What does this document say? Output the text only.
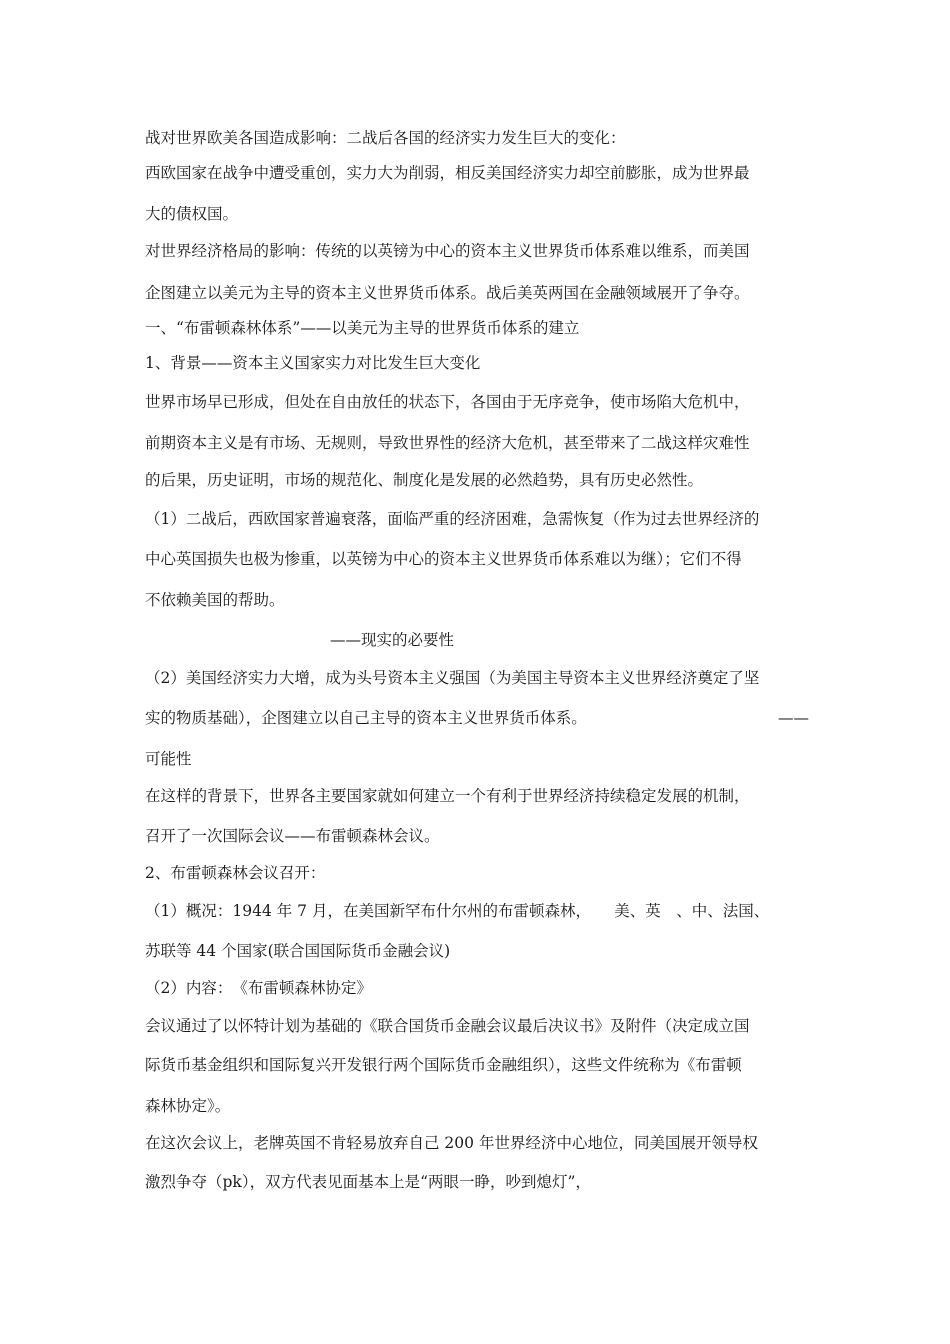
战对世界欧美各国造成影响：二战后各国的经济实力发生巨大的变化：
西欧国家在战争中遭受重创，实力大为削弱，相反美国经济实力却空前膨胀，成为世界最
大的债权国。
对世界经济格局的影响：传统的以英镑为中心的资本主义世界货币体系难以维系，而美国
企图建立以美元为主导的资本主义世界货币体系。战后美英两国在金融领域展开了争夺。
一、“布雷顿森林体系”——以美元为主导的世界货币体系的建立
1、背景——资本主义国家实力对比发生巨大变化
世界市场早已形成，但处在自由放任的状态下，各国由于无序竞争，使市场陷大危机中，
前期资本主义是有市场、无规则，导致世界性的经济大危机，甚至带来了二战这样灾难性
的后果，历史证明，市场的规范化、制度化是发展的必然趋势，具有历史必然性。
（1）二战后，西欧国家普遍衰落，面临严重的经济困难，急需恢复（作为过去世界经济的
中心英国损失也极为惨重，以英镑为中心的资本主义世界货币体系难以为继）；它们不得
不依赖美国的帮助。
——现实的必要性
（2）美国经济实力大增，成为头号资本主义强国（为美国主导资本主义世界经济奠定了坚
实的物质基础），企图建立以自己主导的资本主义世界货币体系。	——
可能性
在这样的背景下，世界各主要国家就如何建立一个有利于世界经济持续稳定发展的机制，
召开了一次国际会议——布雷顿森林会议。
2、布雷顿森林会议召开：
（1）概况：1944 年 7 月，在美国新罕布什尔州的布雷顿森林，　　美、英　、中、法国、
苏联等 44 个国家(联合国国际货币金融会议)
（2）内容：　《布雷顿森林协定》
会议通过了以怀特计划为基础的《联合国货币金融会议最后决议书》及附件（决定成立国
际货币基金组织和国际复兴开发银行两个国际货币金融组织），这些文件统称为《布雷顿
森林协定》。
在这次会议上，老牌英国不肯轻易放弃自己 200 年世界经济中心地位，同美国展开领导权
激烈争夺（pk），双方代表见面基本上是“两眼一睁，吵到熄灯”，
